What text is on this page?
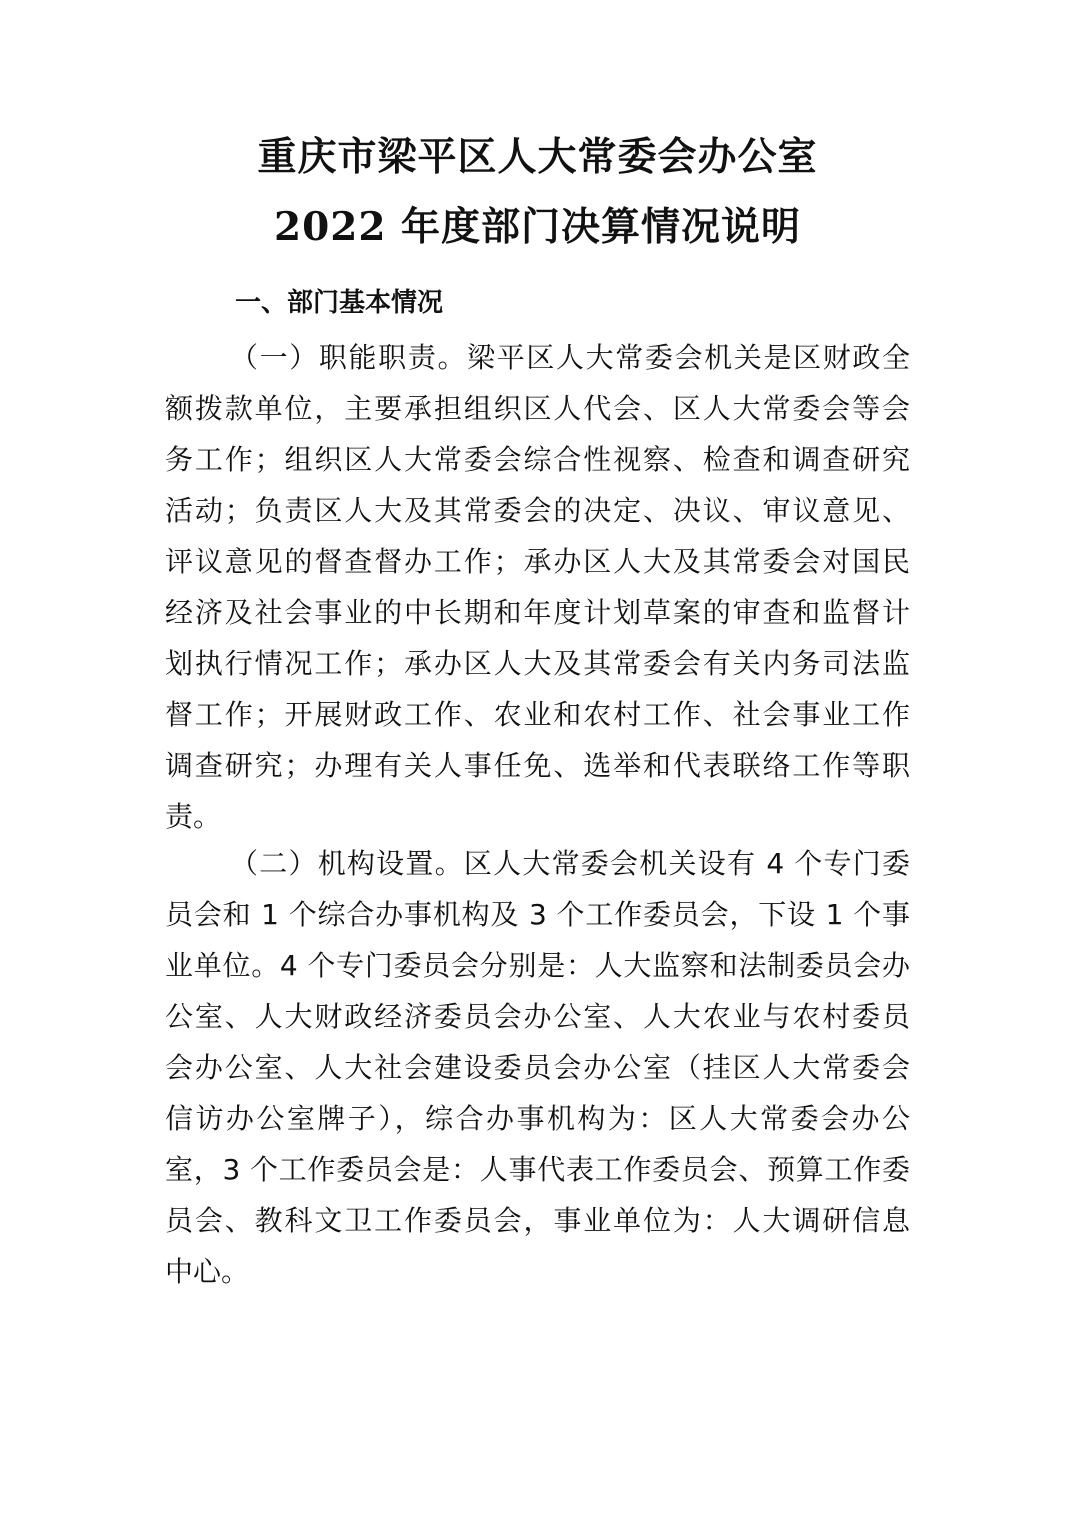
重庆市梁平区人大常委会办公室
2022 年度部门决算情况说明
一、部门基本情况
（一）职能职责。梁平区人大常委会机关是区财政全
额拨款单位，主要承担组织区人代会、区人大常委会等会
务工作；组织区人大常委会综合性视察、检查和调查研究
活动；负责区人大及其常委会的决定、决议、审议意见、
评议意见的督查督办工作；承办区人大及其常委会对国民
经济及社会事业的中长期和年度计划草案的审查和监督计
划执行情况工作；承办区人大及其常委会有关内务司法监
督工作；开展财政工作、农业和农村工作、社会事业工作
调查研究；办理有关人事任免、选举和代表联络工作等职
责。
（二）机构设置。区人大常委会机关设有 4 个专门委
员会和 1 个综合办事机构及 3 个工作委员会，下设 1 个事
业单位。4 个专门委员会分别是：人大监察和法制委员会办
公室、人大财政经济委员会办公室、人大农业与农村委员
会办公室、人大社会建设委员会办公室（挂区人大常委会
信访办公室牌子），综合办事机构为：区人大常委会办公
室，3 个工作委员会是：人事代表工作委员会、预算工作委
员会、教科文卫工作委员会，事业单位为：人大调研信息
中心。
